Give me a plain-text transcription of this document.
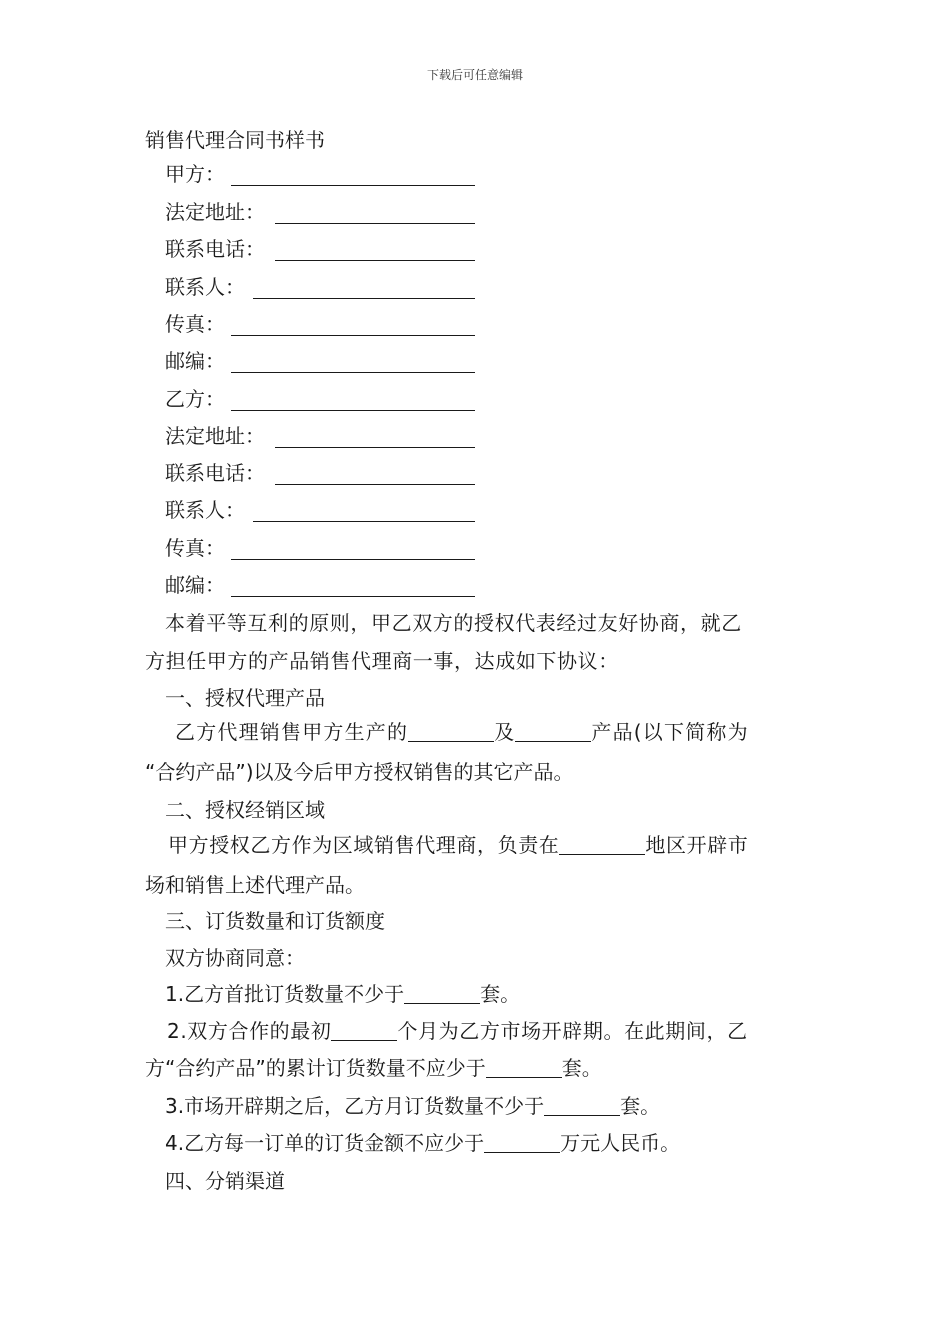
下载后可任意编辑
销售代理合同书样书
甲方：
法定地址：
联系电话：
联系人：
传真：
邮编：
乙方：
法定地址：
联系电话：
联系人：
传真：
邮编：
本着平等互利的原则，甲乙双方的授权代表经过友好协商，就乙
方担任甲方的产品销售代理商一事，达成如下协议：
一、授权代理产品
乙方代理销售甲方生产的	及	产品(以下简称为
“合约产品”)以及今后甲方授权销售的其它产品。
二、授权经销区域
甲方授权乙方作为区域销售代理商，负责在	地区开辟市
场和销售上述代理产品。
三、订货数量和订货额度
双方协商同意：
1.乙方首批订货数量不少于	套。
2.双方合作的最初	个月为乙方市场开辟期。在此期间，乙
方“合约产品”的累计订货数量不应少于	套。
3.市场开辟期之后，乙方月订货数量不少于	套。
4.乙方每一订单的订货金额不应少于	万元人民币。
四、分销渠道
